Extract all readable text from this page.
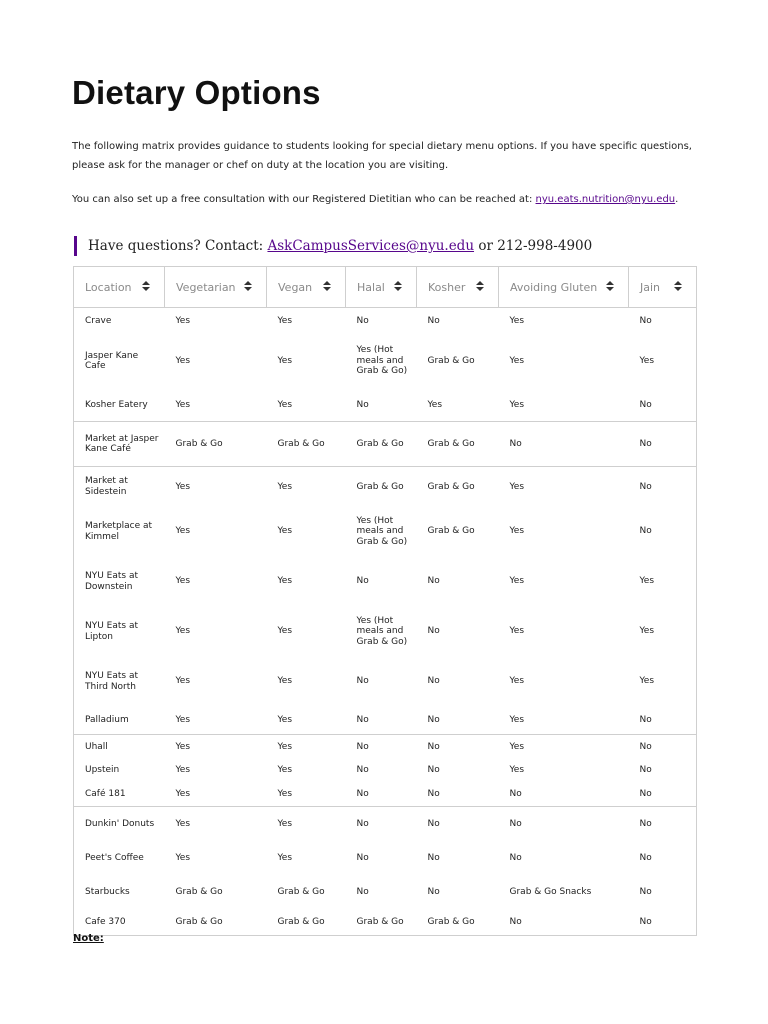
Dietary Options

The following matrix provides guidance to students looking for special dietary menu options. If you have specific questions, please ask for the manager or chef on duty at the location you are visiting.

You can also set up a free consultation with our Registered Dietitian who can be reached at: nyu.eats.nutrition@nyu.edu.

Have questions? Contact: AskCampusServices@nyu.edu or 212-998-4900
Location	Vegetarian	Vegan	Halal	Kosher	Avoiding Gluten	Jain

Crave	Yes	Yes	No	No	Yes	No
Jasper Kane Cafe	Yes	Yes	Yes (Hot meals and Grab & Go)	Grab & Go	Yes	Yes
Kosher Eatery	Yes	Yes	No	Yes	Yes	No
Market at Jasper Kane Café	Grab & Go	Grab & Go	Grab & Go	Grab & Go	No	No
Market at Sidestein	Yes	Yes	Grab & Go	Grab & Go	Yes	No
Marketplace at Kimmel	Yes	Yes	Yes (Hot meals and Grab & Go)	Grab & Go	Yes	No
NYU Eats at Downstein	Yes	Yes	No	No	Yes	Yes
NYU Eats at Lipton	Yes	Yes	Yes (Hot meals and Grab & Go)	No	Yes	Yes
NYU Eats at Third North	Yes	Yes	No	No	Yes	Yes
Palladium	Yes	Yes	No	No	Yes	No
Uhall	Yes	Yes	No	No	Yes	No
Upstein	Yes	Yes	No	No	Yes	No
Café 181	Yes	Yes	No	No	No	No
Dunkin' Donuts	Yes	Yes	No	No	No	No
Peet's Coffee	Yes	Yes	No	No	No	No
Starbucks	Grab & Go	Grab & Go	No	No	Grab & Go Snacks	No
Cafe 370	Grab & Go	Grab & Go	Grab & Go	Grab & Go	No	No
Note:
